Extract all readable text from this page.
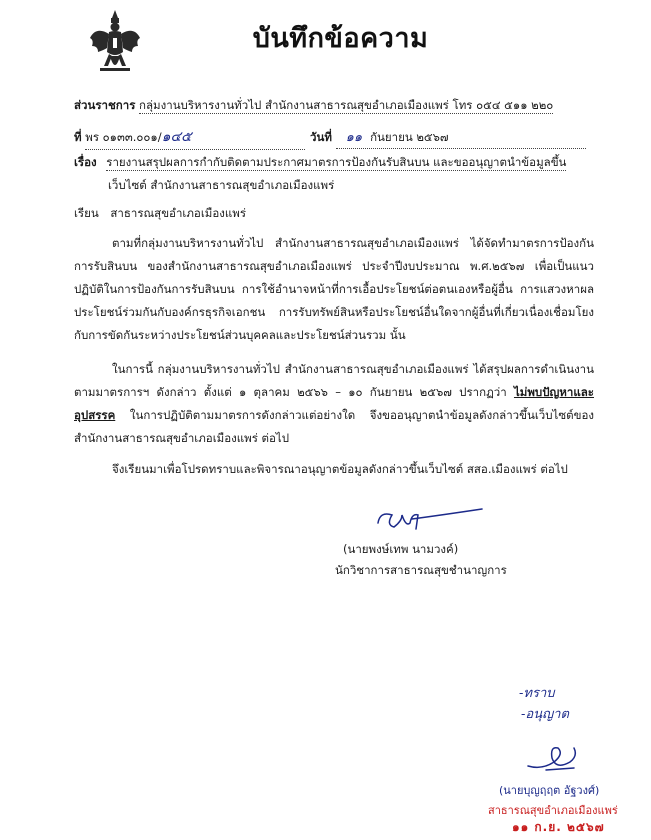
บันทึกข้อความ
ส่วนราชการ กลุ่มงานบริหารงานทั่วไป สำนักงานสาธารณสุขอำเภอเมืองแพร่ โทร ๐๕๔ ๕๑๑ ๒๒๐
ที่ พร ๐๑๓๓.๐๐๑/๑๔๕	วันที่ ๑๑ กันยายน ๒๕๖๗
เรื่อง รายงานสรุปผลการกำกับติดตามประกาศมาตรการป้องกันรับสินบน และขออนุญาตนำข้อมูลขึ้น
เว็บไซต์ สำนักงานสาธารณสุขอำเภอเมืองแพร่
เรียน สาธารณสุขอำเภอเมืองแพร่

ตามที่กลุ่มงานบริหารงานทั่วไป สำนักงานสาธารณสุขอำเภอเมืองแพร่ ได้จัดทำมาตรการป้องกันการรับสินบน ของสำนักงานสาธารณสุขอำเภอเมืองแพร่ ประจำปีงบประมาณ พ.ศ.๒๕๖๗ เพื่อเป็นแนวปฏิบัติในการป้องกันการรับสินบน การใช้อำนาจหน้าที่การเอื้อประโยชน์ต่อตนเองหรือผู้อื่น การแสวงหาผลประโยชน์ร่วมกันกับองค์กรธุรกิจเอกชน การรับทรัพย์สินหรือประโยชน์อื่นใดจากผู้อื่นที่เกี่ยวเนื่องเชื่อมโยงกับการขัดกันระหว่างประโยชน์ส่วนบุคคลและประโยชน์ส่วนรวม นั้น

ในการนี้ กลุ่มงานบริหารงานทั่วไป สำนักงานสาธารณสุขอำเภอเมืองแพร่ ได้สรุปผลการดำเนินงานตามมาตรการฯ ดังกล่าว ตั้งแต่ ๑ ตุลาคม ๒๕๖๖ – ๑๐ กันยายน ๒๕๖๗ ปรากฏว่า ไม่พบปัญหาและอุปสรรค ในการปฏิบัติตามมาตรการดังกล่าวแต่อย่างใด จึงขออนุญาตนำข้อมูลดังกล่าวขึ้นเว็บไซต์ของสำนักงานสาธารณสุขอำเภอเมืองแพร่ ต่อไป

จึงเรียนมาเพื่อโปรดทราบและพิจารณาอนุญาตข้อมูลดังกล่าวขึ้นเว็บไซต์ สสอ.เมืองแพร่ ต่อไป

(นายพงษ์เทพ นามวงค์)
นักวิชาการสาธารณสุขชำนาญการ
-ทราบ
-อนุญาต
(นายบุญฤฤต อัฐวงศ์)
สาธารณสุขอำเภอเมืองแพร่
๑๑ ก.ย. ๒๕๖๗
